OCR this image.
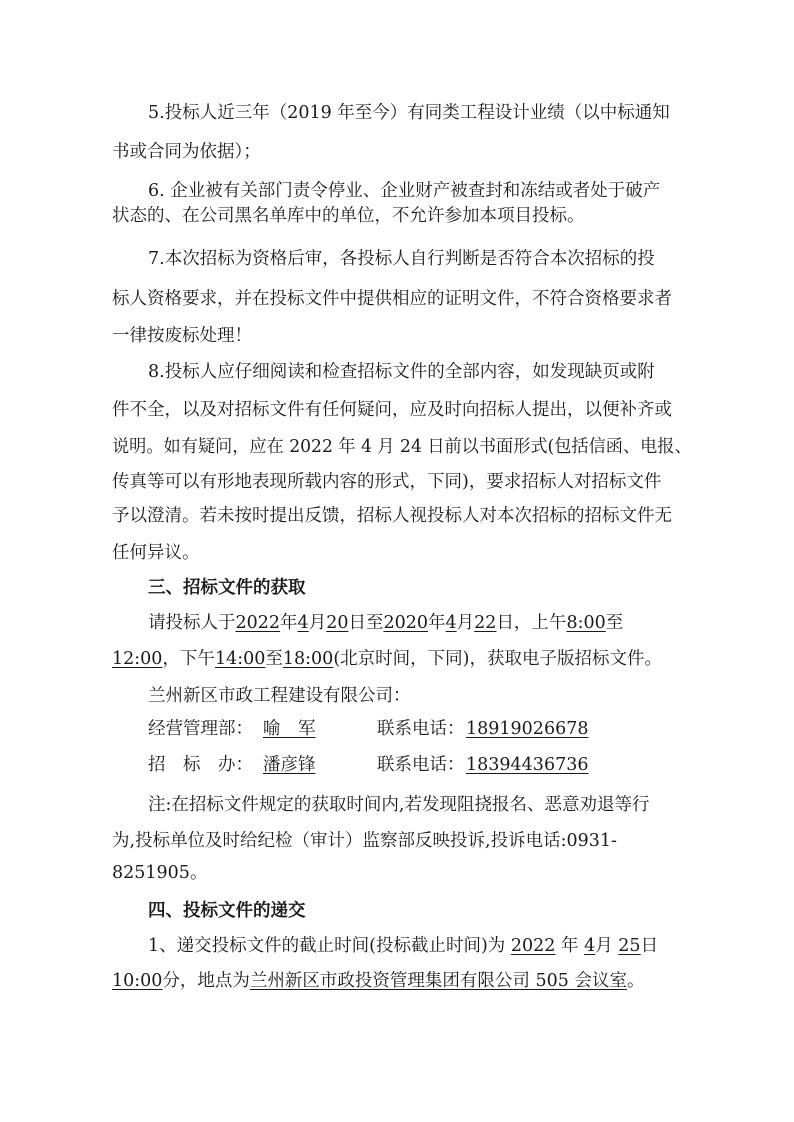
5.投标人近三年（2019 年至今）有同类工程设计业绩（以中标通知
书或合同为依据）；
6. 企业被有关部门责令停业、企业财产被查封和冻结或者处于破产
状态的、在公司黑名单库中的单位，不允许参加本项目投标。
7.本次招标为资格后审，各投标人自行判断是否符合本次招标的投
标人资格要求，并在投标文件中提供相应的证明文件，不符合资格要求者
一律按废标处理！
8.投标人应仔细阅读和检查招标文件的全部内容，如发现缺页或附
件不全，以及对招标文件有任何疑问，应及时向招标人提出，以便补齐或
说明。如有疑问，应在 2022 年 4 月 24 日前以书面形式(包括信函、电报、
传真等可以有形地表现所载内容的形式，下同)，要求招标人对招标文件
予以澄清。若未按时提出反馈，招标人视投标人对本次招标的招标文件无
任何异议。
三、招标文件的获取
请投标人于2022年4月20日至2020年4月22日，上午8:00至
12:00，下午14:00至18:00(北京时间，下同)，获取电子版招标文件。
兰州新区市政工程建设有限公司：
经营管理部： 喻　军	联系电话： 18919026678
招　标　办： 潘彦锋	联系电话： 18394436736
注:在招标文件规定的获取时间内,若发现阻挠报名、恶意劝退等行
为,投标单位及时给纪检（审计）监察部反映投诉,投诉电话:0931-
8251905。
四、投标文件的递交
1、递交投标文件的截止时间(投标截止时间)为 2022 年 4月 25日
10:00分，地点为兰州新区市政投资管理集团有限公司 505 会议室。
